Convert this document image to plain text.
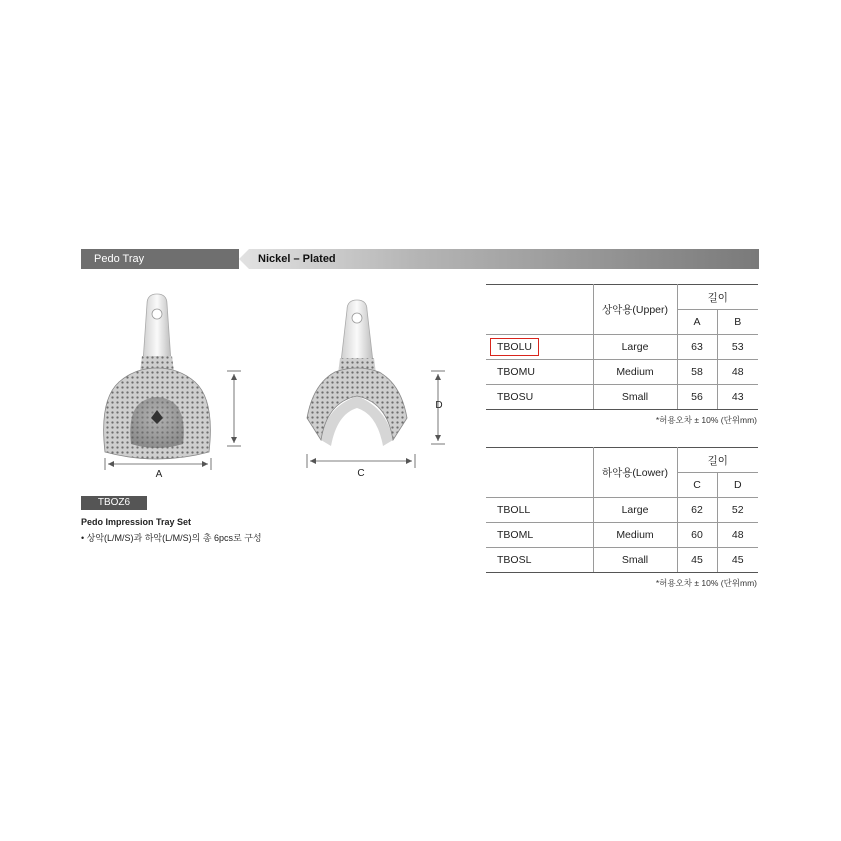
Pedo Tray	Nickel – Plated
A	C
D
TBOZ6
Pedo Impression Tray Set
• 상악(L/M/S)과 하악(L/M/S)의 총 6pcs로 구성
	상악용(Upper)	길이	
		A	B
TBOLU	Large	63	53
TBOMU	Medium	58	48
TBOSU	Small	56	43
*허용오차 ± 10% (단위mm)
	하악용(Lower)	길이	
		C	D
TBOLL	Large	62	52
TBOML	Medium	60	48
TBOSL	Small	45	45
*허용오차 ± 10% (단위mm)
